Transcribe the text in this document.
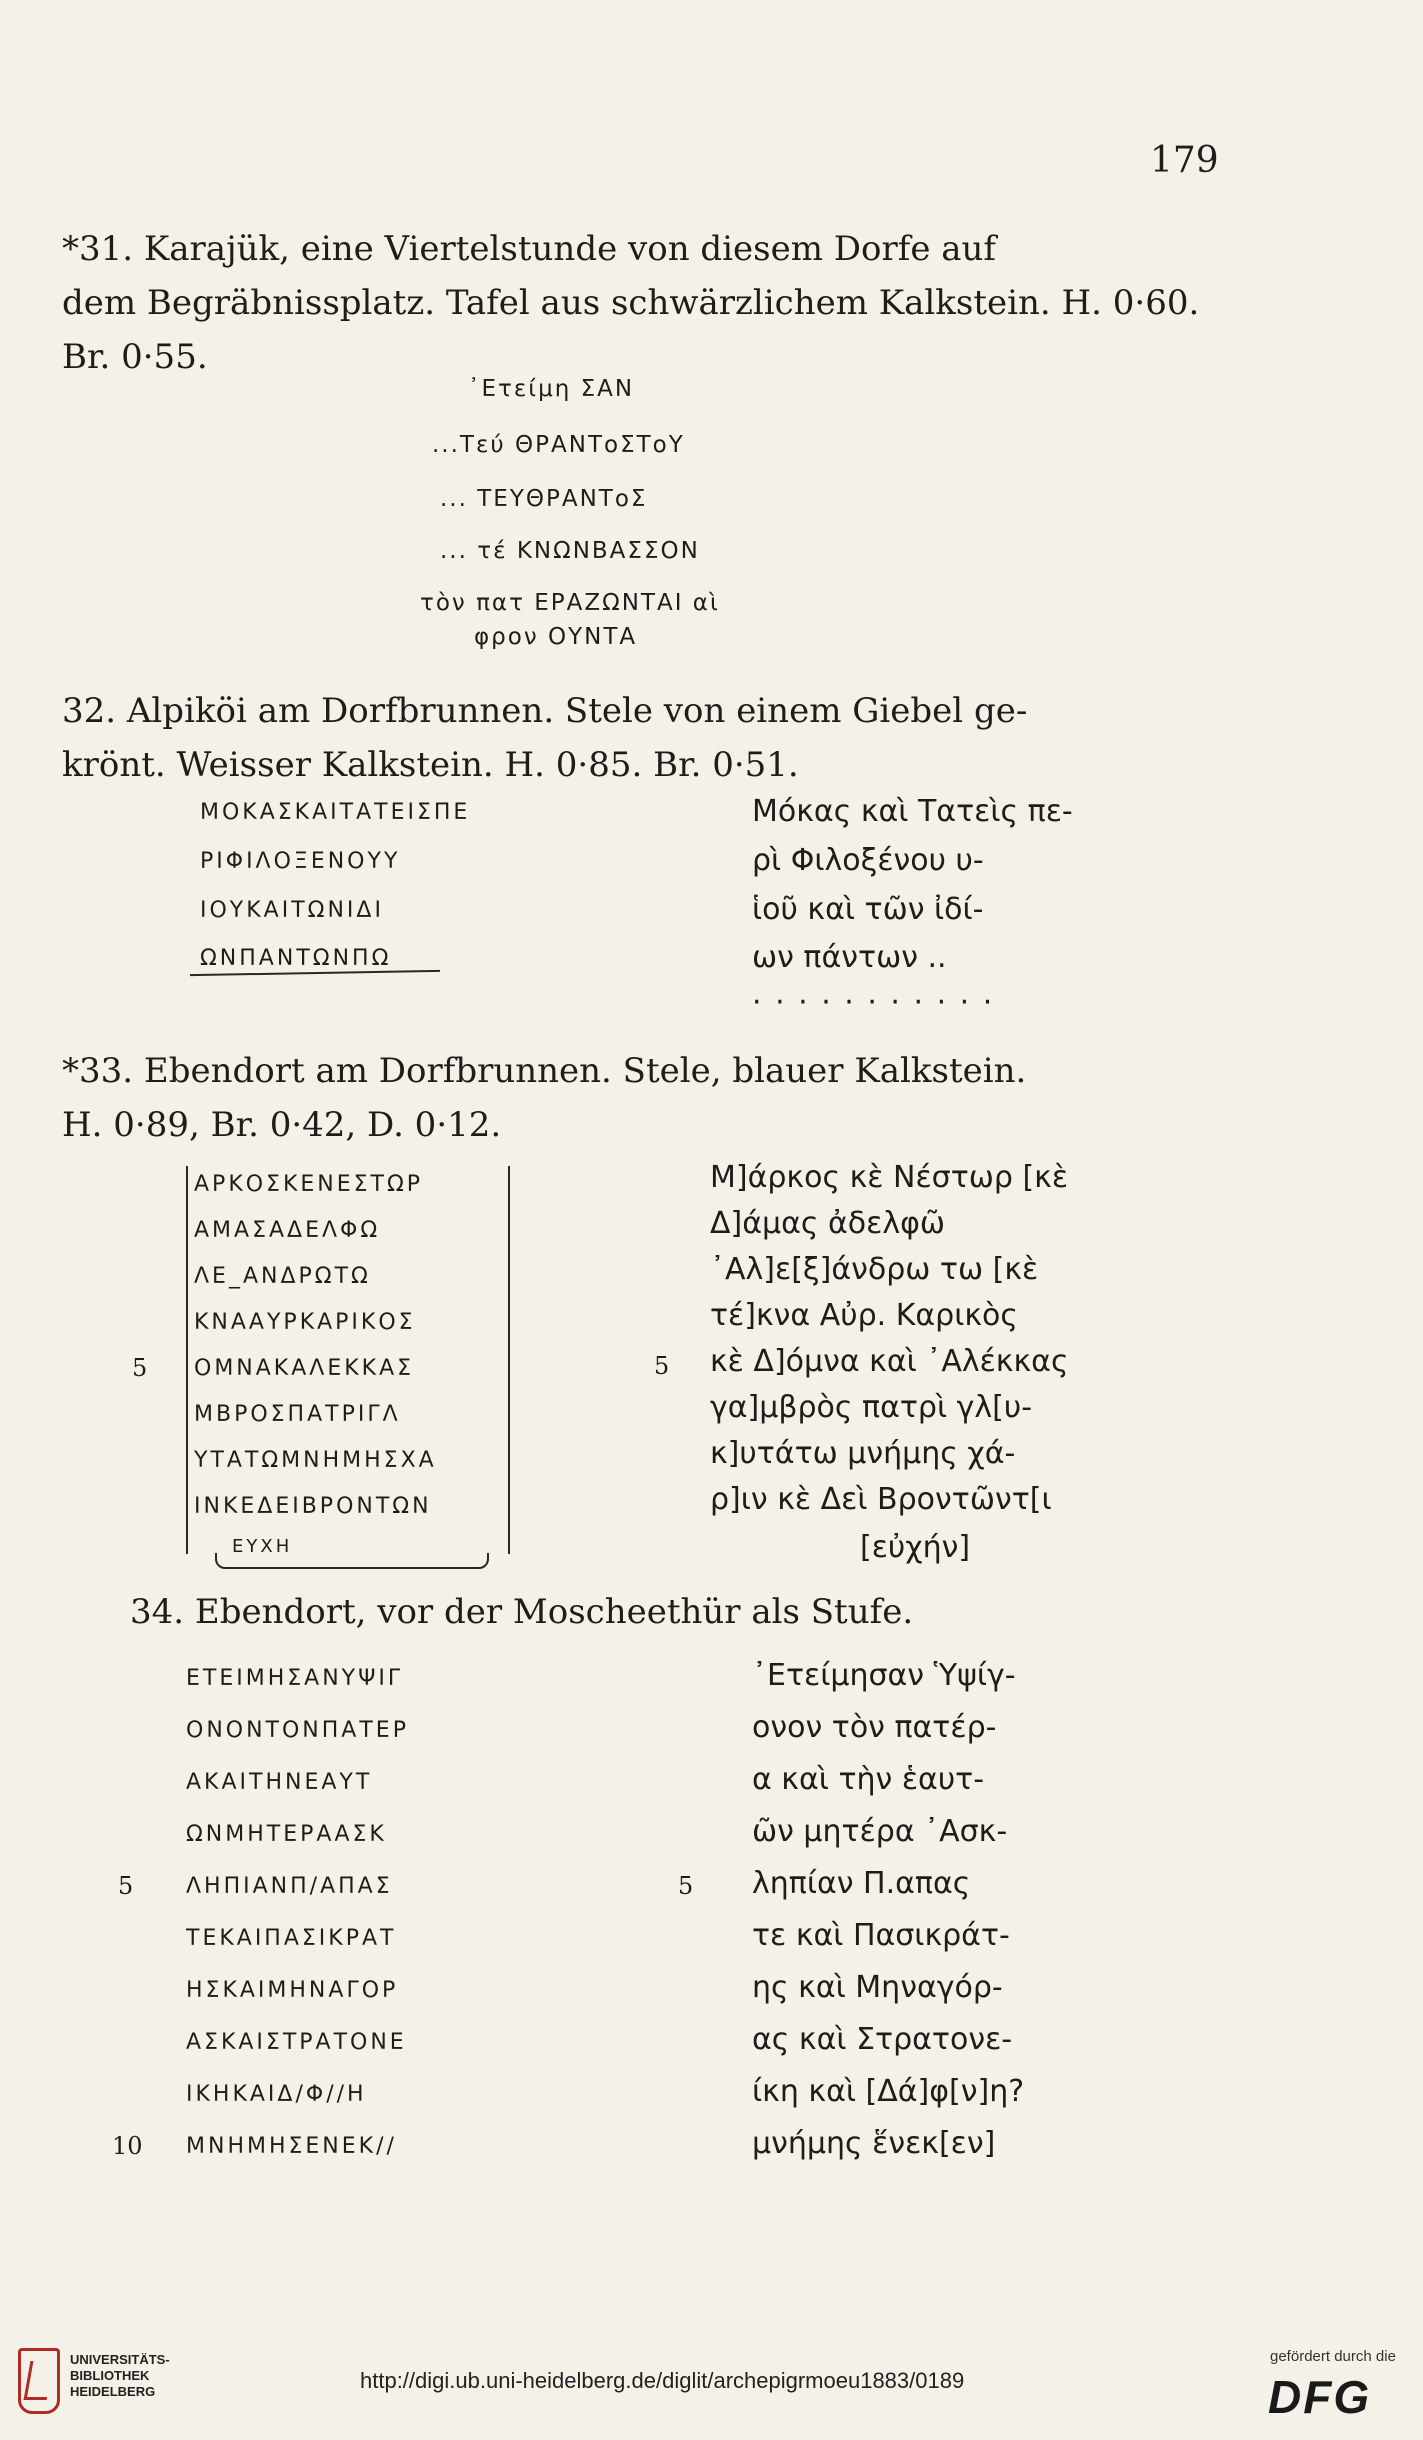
179
*31. Karajük, eine Viertelstunde von diesem Dorfe auf
dem Begräbnissplatz. Tafel aus schwärzlichem Kalkstein. H. 0·60.
Br. 0·55.
᾿Ετείμη ΣΑΝ
...Τεύ ΘΡΑΝΤοΣΤοΥ
... ΤΕΥΘΡΑΝΤοΣ
... τέ ΚΝΩΝΒΑΣΣΟΝ
τὸν πατ ΕΡΑΖΩΝΤΑΙ αὶ
φρον ΟΥΝΤΑ
32. Alpiköi am Dorfbrunnen. Stele von einem Giebel ge-
krönt. Weisser Kalkstein. H. 0·85. Br. 0·51.
ΜΟΚΑΣΚΑΙΤΑΤΕΙΣΠΕ
ΡΙΦΙΛΟΞΕΝΟΥΥ
ΙΟΥΚΑΙΤΩΝΙΔΙ
ΩΝΠΑΝΤΩΝΠΩ
Μόκας καὶ Τατεὶς πε-
ρὶ Φιλοξένου υ-
ἱοῦ καὶ τῶν ἰδί-
ων πάντων ..
· · · · · · · · · · ·
*33. Ebendort am Dorfbrunnen. Stele, blauer Kalkstein.
H. 0·89, Br. 0·42, D. 0·12.
ΑΡΚΟΣΚΕΝΕΣΤΩΡ
ΑΜΑΣΑΔΕΛΦΩ
ΛΕ_ΑΝΔΡΩΤΩ
ΚΝΑΑΥΡΚΑΡΙΚΟΣ
ΟΜΝΑΚΑΛΕΚΚΑΣ
ΜΒΡΟΣΠΑΤΡΙΓΛ
ΥΤΑΤΩΜΝΗΜΗΣΧΑ
ΙΝΚΕΔΕΙΒΡΟΝΤΩΝ
ΕΥΧΗ
5
Μ]άρκος κὲ Νέστωρ [κὲ
Δ]άμας ἀδελφῶ
᾿Αλ]ε[ξ]άνδρω τω [κὲ
τέ]κνα Αὐρ. Καρικὸς
κὲ Δ]όμνα καὶ ᾿Αλέκκας
γα]μβρὸς πατρὶ γλ[υ-
κ]υτάτω μνήμης χά-
ρ]ιν κὲ Δεὶ Βροντῶντ[ι
[εὐχήν]
5
34. Ebendort, vor der Moscheethür als Stufe.
ΕΤΕΙΜΗΣΑΝΥΨΙΓ
ΟΝΟΝΤΟΝΠΑΤΕΡ
ΑΚΑΙΤΗΝΕΑΥΤ
ΩΝΜΗΤΕΡΑΑΣΚ
ΛΗΠΙΑΝΠ/ΑΠΑΣ
ΤΕΚΑΙΠΑΣΙΚΡΑΤ
ΗΣΚΑΙΜΗΝΑΓΟΡ
ΑΣΚΑΙΣΤΡΑΤΟΝΕ
ΙΚΗΚΑΙΔ/Φ//Η
ΜΝΗΜΗΣΕΝΕΚ//
5
10
᾿Ετείμησαν Ὑψίγ-
ονον τὸν πατέρ-
α καὶ τὴν ἑαυτ-
ῶν μητέρα ᾿Ασκ-
ληπίαν Π.απας
τε καὶ Πασικράτ-
ης καὶ Μηναγόρ-
ας καὶ Στρατονε-
ίκη καὶ [Δά]φ[ν]η?
μνήμης ἕνεκ[εν]
5
UNIVERSITÄTS-
BIBLIOTHEK
HEIDELBERG	http://digi.ub.uni-heidelberg.de/diglit/archepigrmoeu1883/0189
gefördert durch die
DFG
